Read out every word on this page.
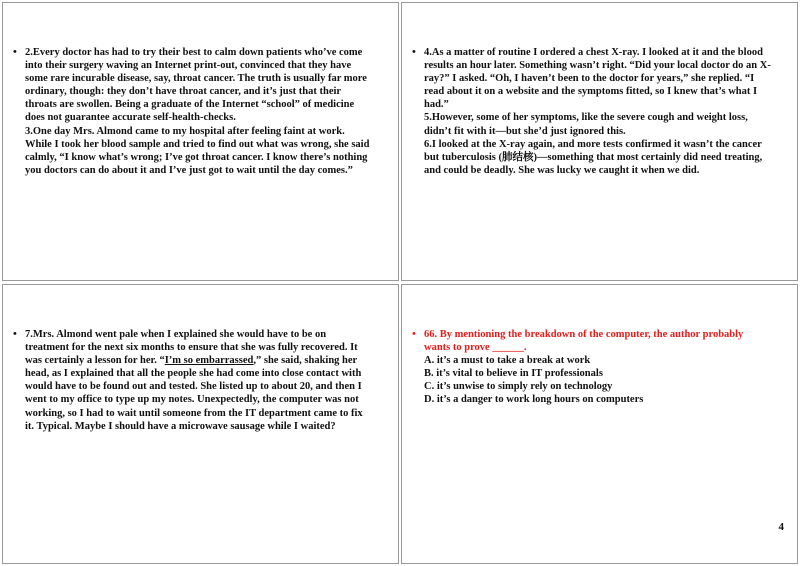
• 2.Every doctor has had to try their best to calm down patients who’ve come into their surgery waving an Internet print-out, convinced that they have some rare incurable disease, say, throat cancer. The truth is usually far more ordinary, though: they don’t have throat cancer, and it’s just that their throats are swollen. Being a graduate of the Internet “school” of medicine does not guarantee accurate self-health-checks.

3.One day Mrs. Almond came to my hospital after feeling faint at work. While I took her blood sample and tried to find out what was wrong, she said calmly, “I know what’s wrong; I’ve got throat cancer. I know there’s nothing you doctors can do about it and I’ve just got to wait until the day comes.”

• 4.As a matter of routine I ordered a chest X-ray. I looked at it and the blood results an hour later. Something wasn’t right. “Did your local doctor do an X-ray?” I asked. “Oh, I haven’t been to the doctor for years,” she replied. “I read about it on a website and the symptoms fitted, so I knew that’s what I had.”

5.However, some of her symptoms, like the severe cough and weight loss, didn’t fit with it—but she’d just ignored this.

6.I looked at the X-ray again, and more tests confirmed it wasn’t the cancer but tuberculosis (肺结核)—something that most certainly did need treating, and could be deadly. She was lucky we caught it when we did.

• 7.Mrs. Almond went pale when I explained she would have to be on treatment for the next six months to ensure that she was fully recovered. It was certainly a lesson for her. “I’m so embarrassed,” she said, shaking her head, as I explained that all the people she had come into close contact with would have to be found out and tested. She listed up to about 20, and then I went to my office to type up my notes. Unexpectedly, the computer was not working, so I had to wait until someone from the IT department came to fix it. Typical. Maybe I should have a microwave sausage while I waited?

• 66. By mentioning the breakdown of the computer, the author probably wants to prove ______.

A. it’s a must to take a break at work

B. it’s vital to believe in IT professionals

C. it’s unwise to simply rely on technology

D. it’s a danger to work long hours on computers

4
